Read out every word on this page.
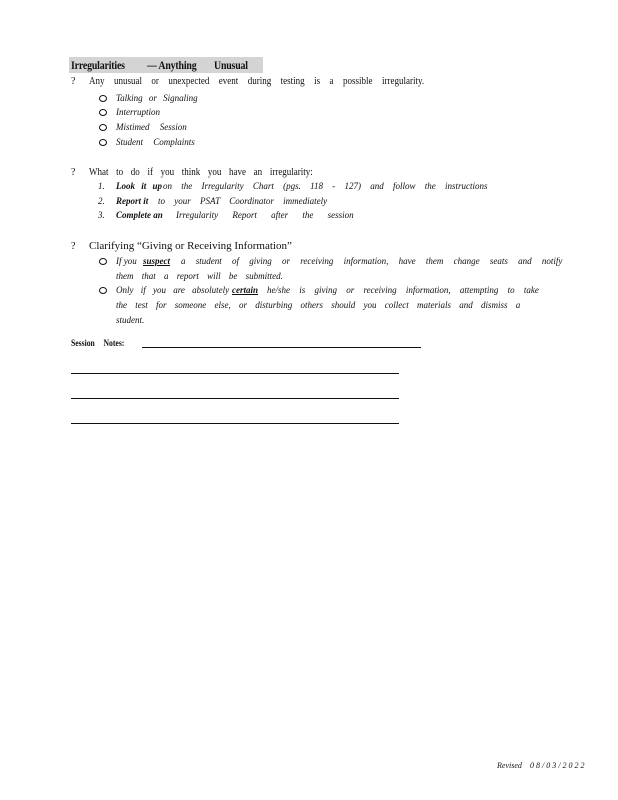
Irregularities — Anything Unusual
? Any unusual or unexpected event during testing is a possible irregularity.
Talking or Signaling
Interruption
Mistimed Session
Student Complaints
? What to do if you think you have an irregularity:
1. Look it up on the Irregularity Chart (pgs. 118 - 127) and follow the instructions
2. Report it to your PSAT Coordinator immediately
3. Complete an Irregularity Report after the session
? Clarifying “Giving or Receiving Information”
If you suspect a student of giving or receiving information, have them change seats and notify
them that a report will be submitted.
Only if you are absolutely certain he/she is giving or receiving information, attempting to take
the test for someone else, or disturbing others should you collect materials and dismiss a
student.
Session Notes:
Revised 08/03/2022
